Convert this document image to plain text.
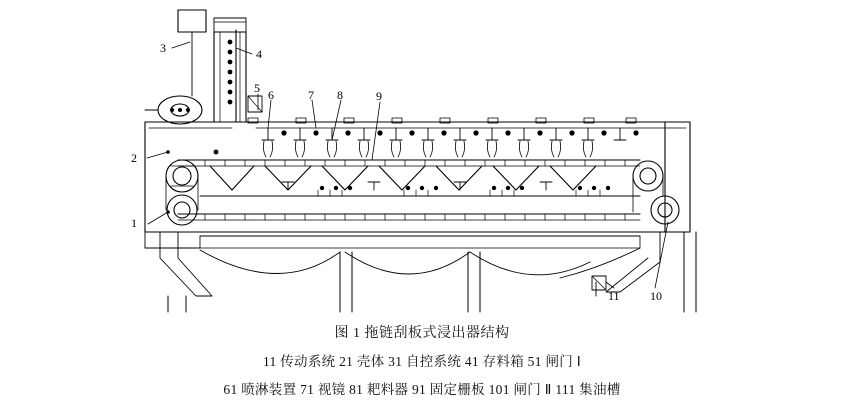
1
2
3	4
5 6	7 8	9
10
11
图 1 拖链刮板式浸出器结构
11 传动系统 21 壳体 31 自控系统 41 存料箱 51 闸门 Ⅰ
61 喷淋装置 71 视镜 81 耙料器 91 固定栅板 101 闸门 Ⅱ 111 集油槽
